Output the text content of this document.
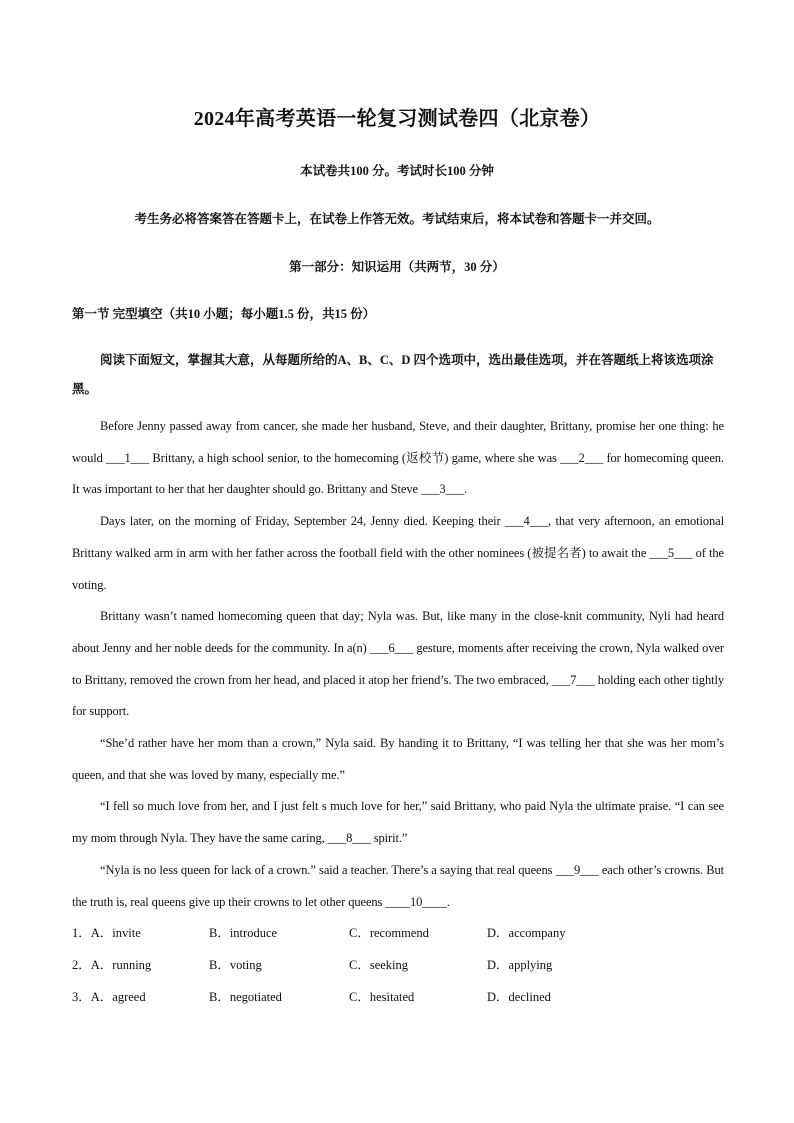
2024年高考英语一轮复习测试卷四（北京卷）
本试卷共100 分。考试时长100 分钟
考生务必将答案答在答题卡上，在试卷上作答无效。考试结束后，将本试卷和答题卡一并交回。
第一部分：知识运用（共两节，30 分）
第一节 完型填空（共10 小题；每小题1.5 份，共15 份）
阅读下面短文，掌握其大意，从每题所给的A、B、C、D 四个选项中，选出最佳选项，并在答题纸上将该选项涂黑。

Before Jenny passed away from cancer, she made her husband, Steve, and their daughter, Brittany, promise her one thing: he would ___1___ Brittany, a high school senior, to the homecoming (返校节) game, where she was ___2___ for homecoming queen. It was important to her that her daughter should go. Brittany and Steve ___3___.

Days later, on the morning of Friday, September 24, Jenny died. Keeping their ___4___, that very afternoon, an emotional Brittany walked arm in arm with her father across the football field with the other nominees (被提名者) to await the ___5___ of the voting.

Brittany wasn’t named homecoming queen that day; Nyla was. But, like many in the close-knit community, Nyli had heard about Jenny and her noble deeds for the community. In a(n) ___6___ gesture, moments after receiving the crown, Nyla walked over to Brittany, removed the crown from her head, and placed it atop her friend’s. The two embraced, ___7___ holding each other tightly for support.

“She’d rather have her mom than a crown,” Nyla said. By handing it to Brittany, “I was telling her that she was her mom’s queen, and that she was loved by many, especially me.”

“I fell so much love from her, and I just felt s much love for her,” said Brittany, who paid Nyla the ultimate praise. “I can see my mom through Nyla. They have the same caring, ___8___ spirit.”

“Nyla is no less queen for lack of a crown.” said a teacher. There’s a saying that real queens ___9___ each other’s crowns. But the truth is, real queens give up their crowns to let other queens ____10____.

1．A．invite	B．introduce	C．recommend	D．accompany
2．A．running	B．voting	C．seeking	D．applying
3．A．agreed	B．negotiated	C．hesitated	D．declined
